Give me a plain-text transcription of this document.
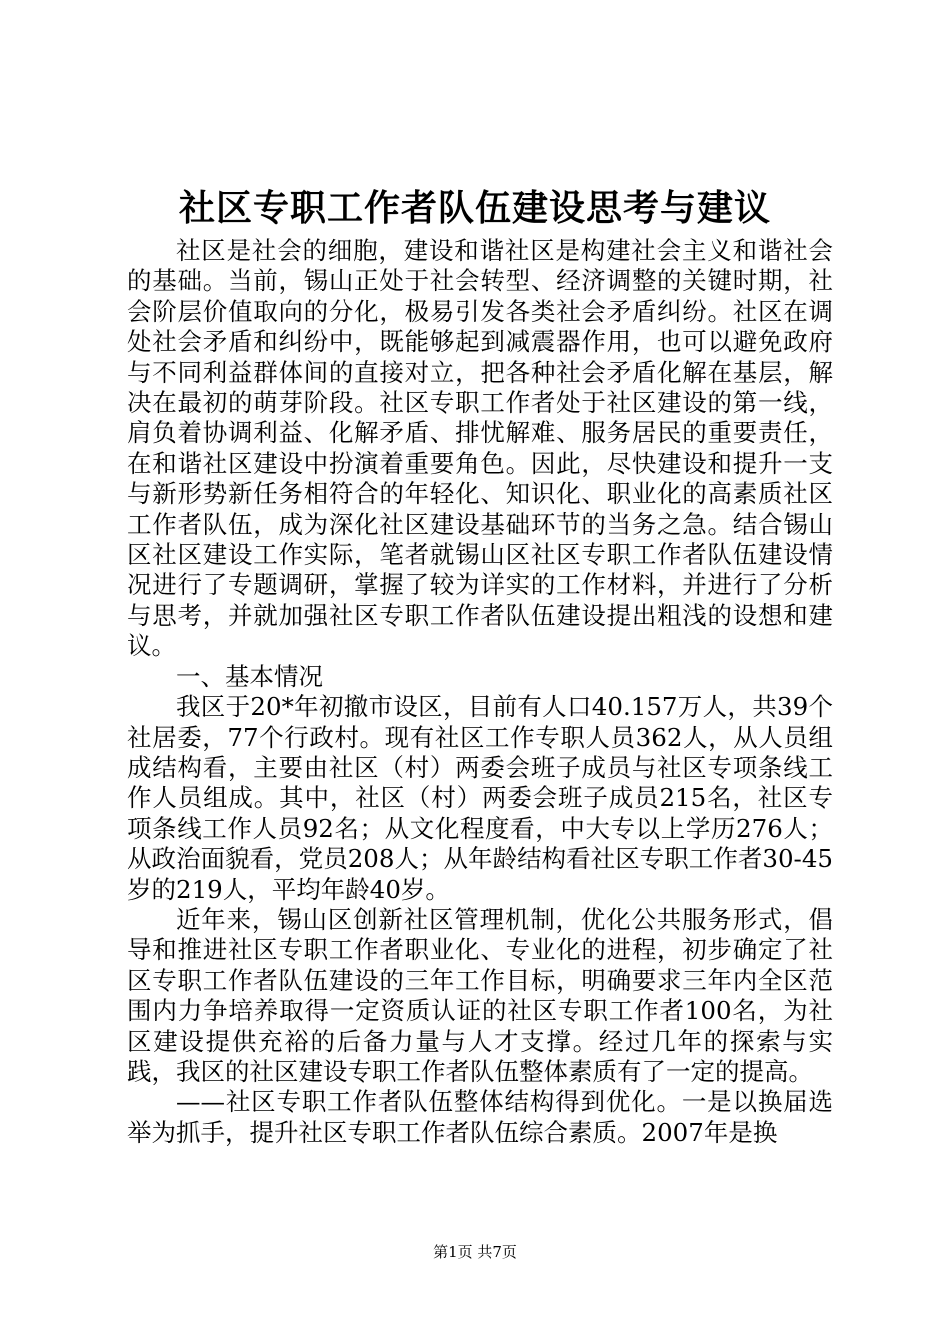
社区专职工作者队伍建设思考与建议

社区是社会的细胞，建设和谐社区是构建社会主义和谐社会的基础。当前，锡山正处于社会转型、经济调整的关键时期，社会阶层价值取向的分化，极易引发各类社会矛盾纠纷。社区在调处社会矛盾和纠纷中，既能够起到减震器作用，也可以避免政府与不同利益群体间的直接对立，把各种社会矛盾化解在基层，解决在最初的萌芽阶段。社区专职工作者处于社区建设的第一线，肩负着协调利益、化解矛盾、排忧解难、服务居民的重要责任，在和谐社区建设中扮演着重要角色。因此，尽快建设和提升一支与新形势新任务相符合的年轻化、知识化、职业化的高素质社区工作者队伍，成为深化社区建设基础环节的当务之急。结合锡山区社区建设工作实际，笔者就锡山区社区专职工作者队伍建设情况进行了专题调研，掌握了较为详实的工作材料，并进行了分析与思考，并就加强社区专职工作者队伍建设提出粗浅的设想和建议。

一、基本情况

我区于20*年初撤市设区，目前有人口40.157万人，共39个社居委，77个行政村。现有社区工作专职人员362人，从人员组成结构看，主要由社区（村）两委会班子成员与社区专项条线工作人员组成。其中，社区（村）两委会班子成员215名，社区专项条线工作人员92名；从文化程度看，中大专以上学历276人；从政治面貌看，党员208人；从年龄结构看社区专职工作者30-45岁的219人，平均年龄40岁。

近年来，锡山区创新社区管理机制，优化公共服务形式，倡导和推进社区专职工作者职业化、专业化的进程，初步确定了社区专职工作者队伍建设的三年工作目标，明确要求三年内全区范围内力争培养取得一定资质认证的社区专职工作者100名，为社区建设提供充裕的后备力量与人才支撑。经过几年的探索与实践，我区的社区建设专职工作者队伍整体素质有了一定的提高。

——社区专职工作者队伍整体结构得到优化。一是以换届选举为抓手，提升社区专职工作者队伍综合素质。2007年是换

第1页 共7页
